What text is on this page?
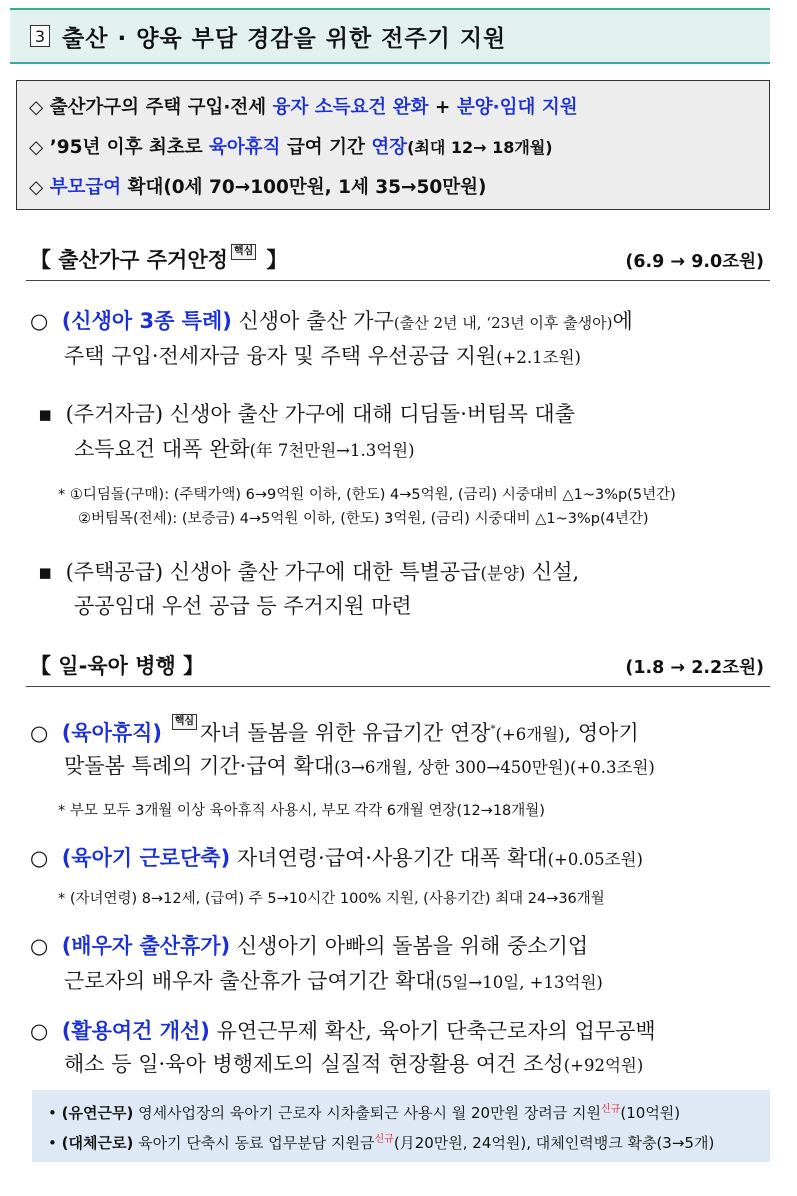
3 출산 · 양육 부담 경감을 위한 전주기 지원
◇ 출산가구의 주택 구입·전세 융자 소득요건 완화 + 분양·임대 지원
◇ ’95년 이후 최초로 육아휴직 급여 기간 연장(최대 12→ 18개월)
◇ 부모급여 확대(0세 70→100만원, 1세 35→50만원)
【 출산가구 주거안정 핵심 】	(6.9 → 9.0조원)
○ (신생아 3종 특례) 신생아 출산 가구(출산 2년 내, ‘23년 이후 출생아)에
주택 구입·전세자금 융자 및 주택 우선공급 지원(+2.1조원)
▪ (주거자금) 신생아 출산 가구에 대해 디딤돌·버팀목 대출
소득요건 대폭 완화(年 7천만원→1.3억원)
* ①디딤돌(구매): (주택가액) 6→9억원 이하, (한도) 4→5억원, (금리) 시중대비 △1~3%p(5년간)
②버팀목(전세): (보증금) 4→5억원 이하, (한도) 3억원, (금리) 시중대비 △1~3%p(4년간)
▪ (주택공급) 신생아 출산 가구에 대한 특별공급(분양) 신설,
공공임대 우선 공급 등 주거지원 마련
【 일-육아 병행 】	(1.8 → 2.2조원)
○ (육아휴직) 핵심 자녀 돌봄을 위한 유급기간 연장*(+6개월), 영아기
맞돌봄 특례의 기간·급여 확대(3→6개월, 상한 300→450만원)(+0.3조원)
* 부모 모두 3개월 이상 육아휴직 사용시, 부모 각각 6개월 연장(12→18개월)
○ (육아기 근로단축) 자녀연령·급여·사용기간 대폭 확대(+0.05조원)
* (자녀연령) 8→12세, (급여) 주 5→10시간 100% 지원, (사용기간) 최대 24→36개월
○ (배우자 출산휴가) 신생아기 아빠의 돌봄을 위해 중소기업
근로자의 배우자 출산휴가 급여기간 확대(5일→10일, +13억원)
○ (활용여건 개선) 유연근무제 확산, 육아기 단축근로자의 업무공백
해소 등 일·육아 병행제도의 실질적 현장활용 여건 조성(+92억원)
• (유연근무) 영세사업장의 육아기 근로자 시차출퇴근 사용시 월 20만원 장려금 지원$^{신규}$(10억원)
• (대체근로) 육아기 단축시 동료 업무분담 지원금$^{신규}$(月20만원, 24억원), 대체인력뱅크 확충(3→5개)
